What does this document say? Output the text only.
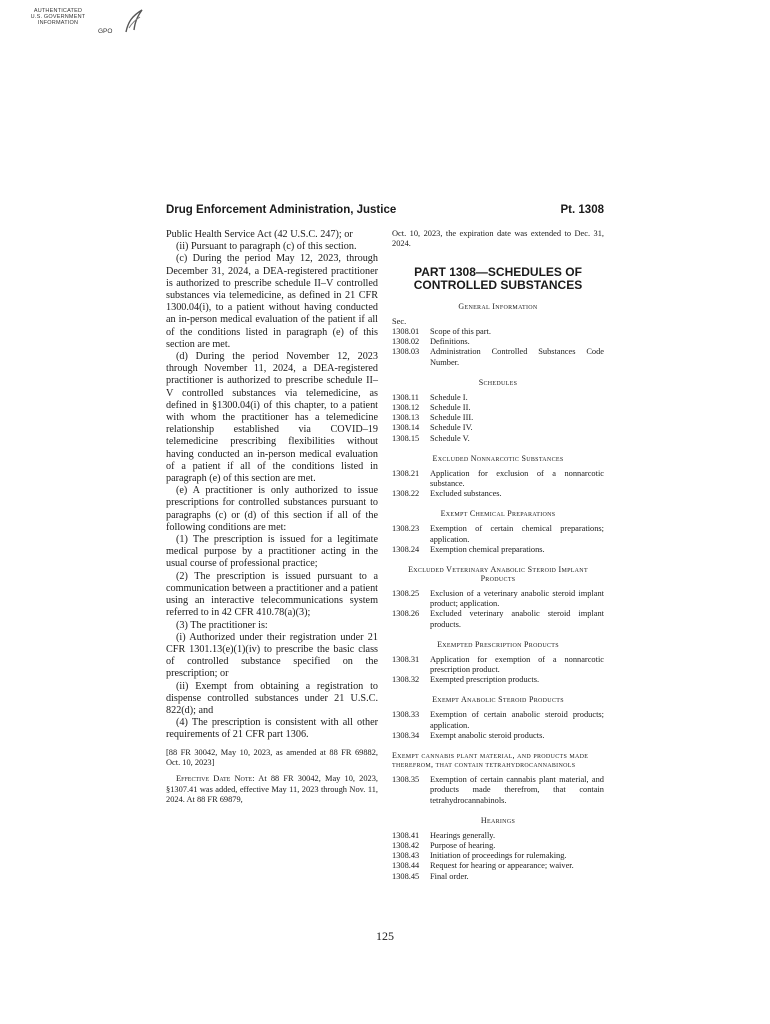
AUTHENTICATED
U.S. GOVERNMENT
INFORMATION
GPO
Drug Enforcement Administration, Justice	Pt. 1308

Public Health Service Act (42 U.S.C. 247); or

(ii) Pursuant to paragraph (c) of this section.

(c) During the period May 12, 2023, through December 31, 2024, a DEA-registered practitioner is authorized to prescribe schedule II–V controlled substances via telemedicine, as defined in 21 CFR 1300.04(i), to a patient without having conducted an in-person medical evaluation of the patient if all of the conditions listed in paragraph (e) of this section are met.

(d) During the period November 12, 2023 through November 11, 2024, a DEA-registered practitioner is authorized to prescribe schedule II–V controlled substances via telemedicine, as defined in §1300.04(i) of this chapter, to a patient with whom the practitioner has a telemedicine relationship established via COVID–19 telemedicine prescribing flexibilities without having conducted an in-person medical evaluation of a patient if all of the conditions listed in paragraph (e) of this section are met.

(e) A practitioner is only authorized to issue prescriptions for controlled substances pursuant to paragraphs (c) or (d) of this section if all of the following conditions are met:

(1) The prescription is issued for a legitimate medical purpose by a practitioner acting in the usual course of professional practice;

(2) The prescription is issued pursuant to a communication between a practitioner and a patient using an interactive telecommunications system referred to in 42 CFR 410.78(a)(3);

(3) The practitioner is:

(i) Authorized under their registration under 21 CFR 1301.13(e)(1)(iv) to prescribe the basic class of controlled substance specified on the prescription; or

(ii) Exempt from obtaining a registration to dispense controlled substances under 21 U.S.C. 822(d); and

(4) The prescription is consistent with all other requirements of 21 CFR part 1306.

[88 FR 30042, May 10, 2023, as amended at 88 FR 69882, Oct. 10, 2023]

Effective Date Note: At 88 FR 30042, May 10, 2023, §1307.41 was added, effective May 11, 2023 through Nov. 11, 2024. At 88 FR 69879,

Oct. 10, 2023, the expiration date was extended to Dec. 31, 2024.

PART 1308—SCHEDULES OF
CONTROLLED SUBSTANCES
General Information
Sec.
1308.01	Scope of this part.
1308.02	Definitions.
1308.03	Administration Controlled Substances Code Number.
Schedules
1308.11	Schedule I.
1308.12	Schedule II.
1308.13	Schedule III.
1308.14	Schedule IV.
1308.15	Schedule V.
Excluded Nonnarcotic Substances
1308.21	Application for exclusion of a nonnarcotic substance.
1308.22	Excluded substances.
Exempt Chemical Preparations
1308.23	Exemption of certain chemical preparations; application.
1308.24	Exemption chemical preparations.
Excluded Veterinary Anabolic Steroid Implant Products
1308.25	Exclusion of a veterinary anabolic steroid implant product; application.
1308.26	Excluded veterinary anabolic steroid implant products.
Exempted Prescription Products
1308.31	Application for exemption of a nonnarcotic prescription product.
1308.32	Exempted prescription products.
Exempt Anabolic Steroid Products
1308.33	Exemption of certain anabolic steroid products; application.
1308.34	Exempt anabolic steroid products.
Exempt cannabis plant material, and products made therefrom, that contain tetrahydrocannabinols
1308.35	Exemption of certain cannabis plant material, and products made therefrom, that contain tetrahydrocannabinols.
Hearings
1308.41	Hearings generally.
1308.42	Purpose of hearing.
1308.43	Initiation of proceedings for rulemaking.
1308.44	Request for hearing or appearance; waiver.
1308.45	Final order.
125
